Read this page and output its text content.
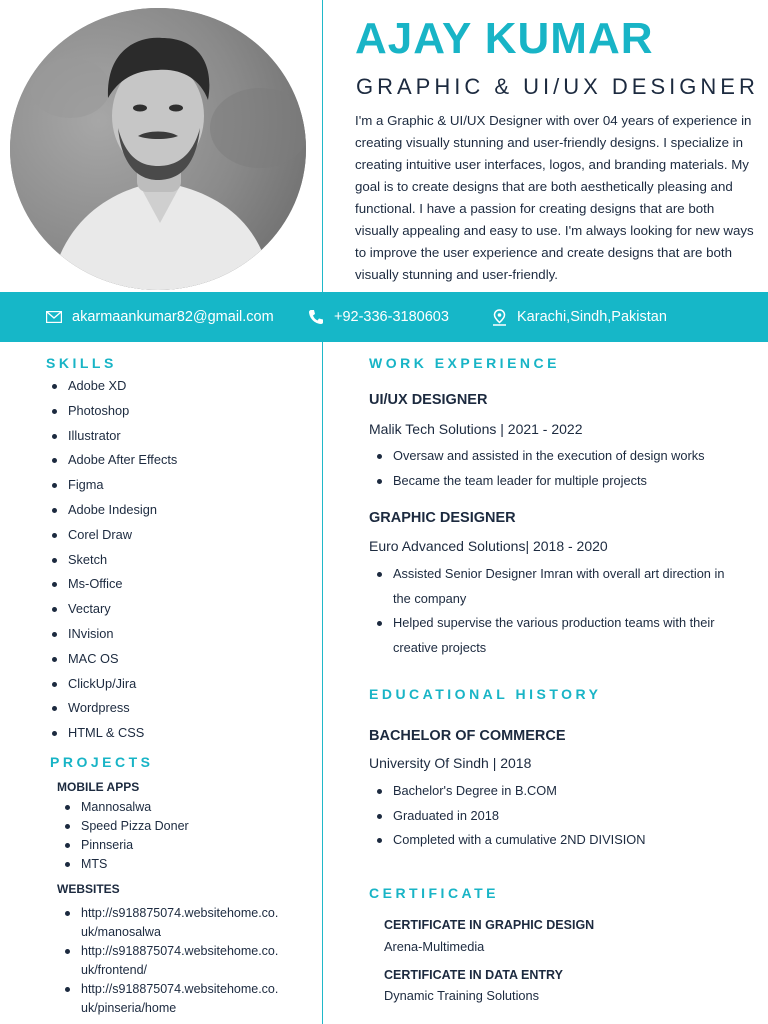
AJAY KUMAR
GRAPHIC & UI/UX DESIGNER

I'm a Graphic & UI/UX Designer with over 04 years of experience in creating visually stunning and user-friendly designs. I specialize in creating intuitive user interfaces, logos, and branding materials. My goal is to create designs that are both aesthetically pleasing and functional. I have a passion for creating designs that are both visually appealing and easy to use. I'm always looking for new ways to improve the user experience and create designs that are both visually stunning and user-friendly.

akarmaankumar82@gmail.com	+92-336-3180603	Karachi,Sindh,Pakistan
SKILLS
Adobe XD
Photoshop
Illustrator
Adobe After Effects
Figma
Adobe Indesign
Corel Draw
Sketch
Ms-Office
Vectary
INvision
MAC OS
ClickUp/Jira
Wordpress
HTML & CSS
PROJECTS
MOBILE APPS
Mannosalwa
Speed Pizza Doner
Pinnseria
MTS
WEBSITES
http://s918875074.websitehome.co.
uk/manosalwa
http://s918875074.websitehome.co.
uk/frontend/
http://s918875074.websitehome.co.
uk/pinseria/home
WORK EXPERIENCE
UI/UX DESIGNER
Malik Tech Solutions | 2021 - 2022
Oversaw and assisted in the execution of design works
Became the team leader for multiple projects
GRAPHIC DESIGNER
Euro Advanced Solutions| 2018 - 2020
Assisted Senior Designer Imran with overall art direction in the company
Helped supervise the various production teams with their creative projects
EDUCATIONAL HISTORY
BACHELOR OF COMMERCE
University Of Sindh | 2018
Bachelor's Degree in B.COM
Graduated in 2018
Completed with a cumulative 2ND DIVISION
CERTIFICATE
CERTIFICATE IN GRAPHIC DESIGN
Arena-Multimedia
CERTIFICATE IN DATA ENTRY
Dynamic Training Solutions
